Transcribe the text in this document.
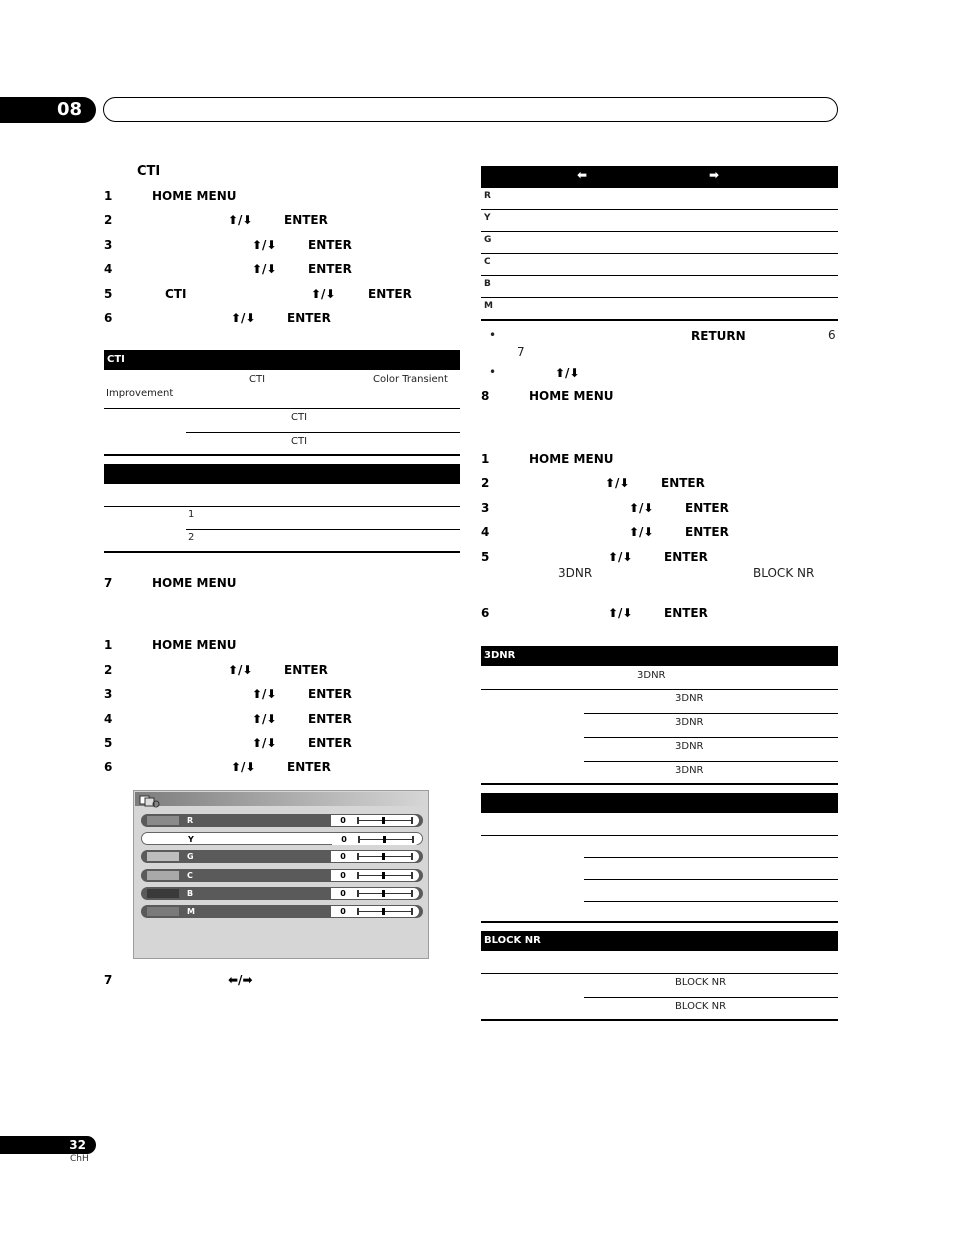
08
CTI
1	HOME MENU
2	⬆/⬇	ENTER
3	⬆/⬇	ENTER
4	⬆/⬇	ENTER
5	CTI	⬆/⬇	ENTER
6	⬆/⬇	ENTER
CTI
CTI	Color Transient
Improvement
CTI
CTI
1
2
7	HOME MENU
1	HOME MENU
2	⬆/⬇	ENTER
3	⬆/⬇	ENTER
4	⬆/⬇	ENTER
5	⬆/⬇	ENTER
6	⬆/⬇	ENTER
R	0
Y	0
G	0
C	0
B	0
M	0
7	⬅/➡
⬅	➡
R
Y
G
C
B
M
•	RETURN	6
7
•	⬆/⬇
8	HOME MENU
1	HOME MENU
2	⬆/⬇	ENTER
3	⬆/⬇	ENTER
4	⬆/⬇	ENTER
5	⬆/⬇	ENTER
6	⬆/⬇	ENTER
3DNR	BLOCK NR
3DNR
3DNR
3DNR
3DNR
3DNR
3DNR
BLOCK NR
BLOCK NR
BLOCK NR
32
ChH
